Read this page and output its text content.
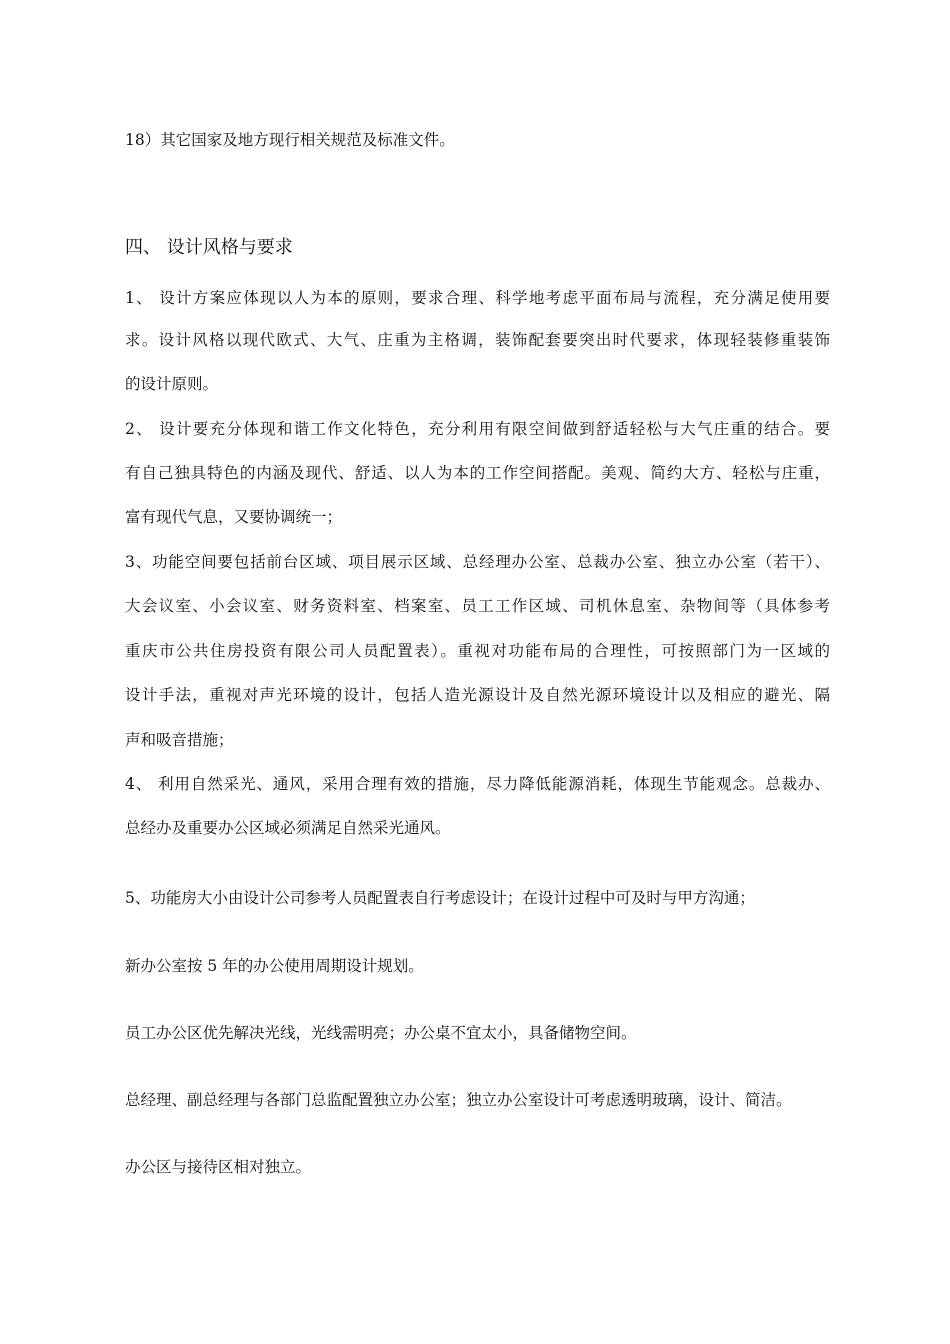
18）其它国家及地方现行相关规范及标准文件。
四、 设计风格与要求
1、 设计方案应体现以人为本的原则，要求合理、科学地考虑平面布局与流程，充分满足使用要
求。设计风格以现代欧式、大气、庄重为主格调，装饰配套要突出时代要求，体现轻装修重装饰
的设计原则。
2、 设计要充分体现和谐工作文化特色，充分利用有限空间做到舒适轻松与大气庄重的结合。要
有自己独具特色的内涵及现代、舒适、以人为本的工作空间搭配。美观、简约大方、轻松与庄重，
富有现代气息，又要协调统一；
3、功能空间要包括前台区域、项目展示区域、总经理办公室、总裁办公室、独立办公室（若干）、
大会议室、小会议室、财务资料室、档案室、员工工作区域、司机休息室、杂物间等（具体参考
重庆市公共住房投资有限公司人员配置表）。重视对功能布局的合理性，可按照部门为一区域的
设计手法，重视对声光环境的设计，包括人造光源设计及自然光源环境设计以及相应的避光、隔
声和吸音措施；
4、 利用自然采光、通风，采用合理有效的措施，尽力降低能源消耗，体现生节能观念。总裁办、
总经办及重要办公区域必须满足自然采光通风。
5、功能房大小由设计公司参考人员配置表自行考虑设计；在设计过程中可及时与甲方沟通；
新办公室按 5 年的办公使用周期设计规划。
员工办公区优先解决光线，光线需明亮；办公桌不宜太小，具备储物空间。
总经理、副总经理与各部门总监配置独立办公室；独立办公室设计可考虑透明玻璃，设计、简洁。
办公区与接待区相对独立。
